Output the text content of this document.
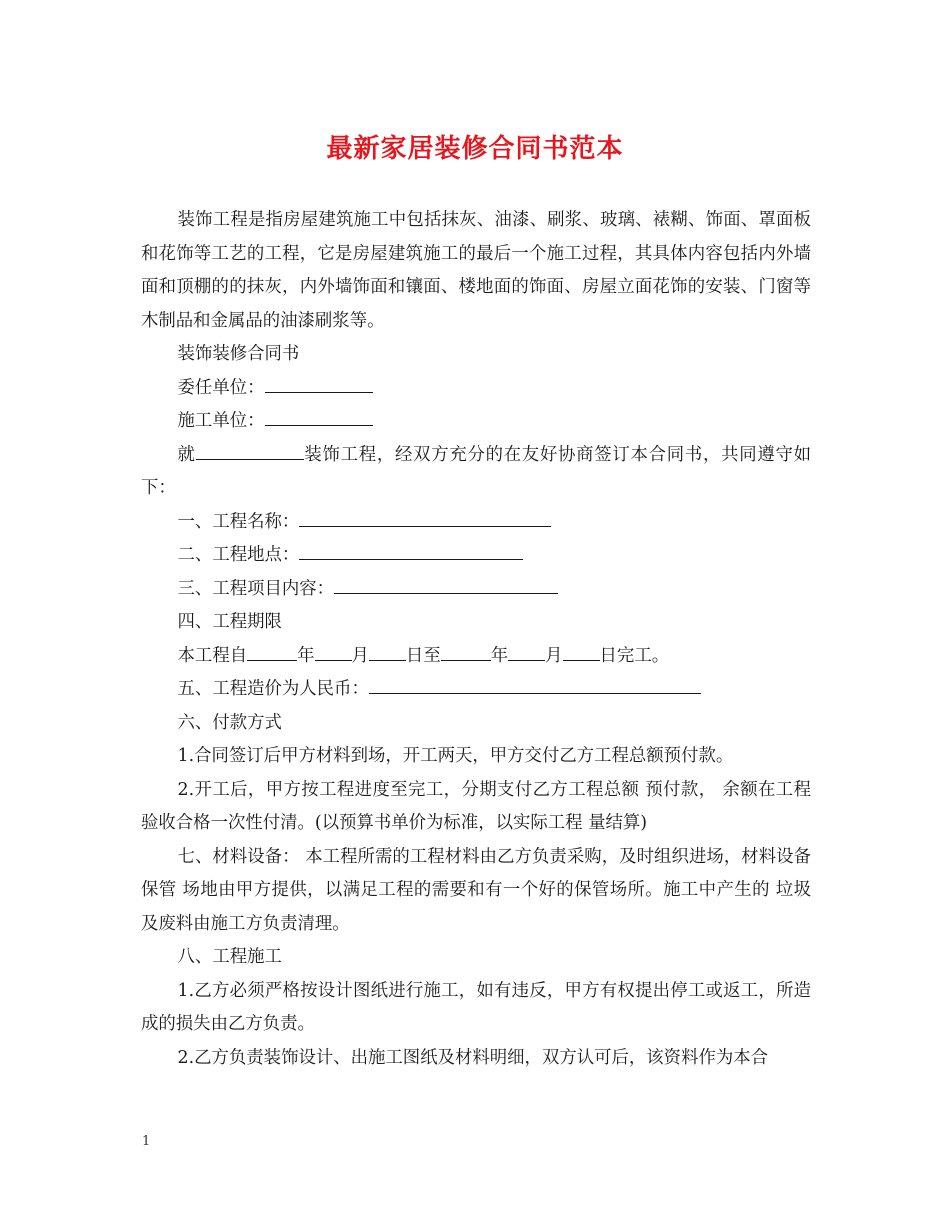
最新家居装修合同书范本

装饰工程是指房屋建筑施工中包括抹灰、油漆、刷浆、玻璃、裱糊、饰面、罩面板和花饰等工艺的工程，它是房屋建筑施工的最后一个施工过程，其具体内容包括内外墙面和顶棚的的抹灰，内外墙饰面和镶面、楼地面的饰面、房屋立面花饰的安装、门窗等木制品和金属品的油漆刷浆等。

装饰装修合同书

委任单位：

施工单位：

就	装饰工程，经双方充分的在友好协商签订本合同书，共同遵守如下：

一、工程名称：

二、工程地点：

三、工程项目内容：

四、工程期限

本工程自	年 月 日至	年 月 日完工。

五、工程造价为人民币：

六、付款方式

1.合同签订后甲方材料到场，开工两天，甲方交付乙方工程总额预付款。

2.开工后，甲方按工程进度至完工，分期支付乙方工程总额 预付款， 余额在工程验收合格一次性付清。(以预算书单价为标准，以实际工程 量结算)

七、材料设备： 本工程所需的工程材料由乙方负责采购，及时组织进场，材料设备保管 场地由甲方提供，以满足工程的需要和有一个好的保管场所。施工中产生的 垃圾及废料由施工方负责清理。

八、工程施工

1.乙方必须严格按设计图纸进行施工，如有违反，甲方有权提出停工或返工，所造成的损失由乙方负责。

2.乙方负责装饰设计、出施工图纸及材料明细，双方认可后，该资料作为本合

1
